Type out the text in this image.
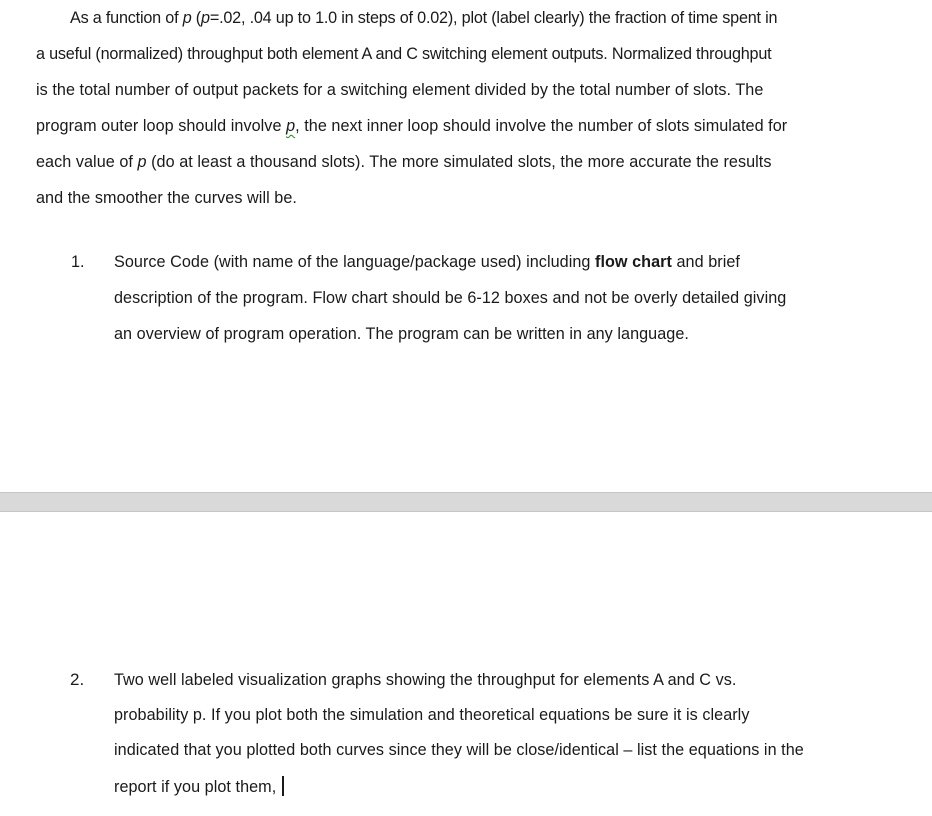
As a function of p (p=.02, .04 up to 1.0 in steps of 0.02), plot (label clearly) the fraction of time spent in
a useful (normalized) throughput both element A and C switching element outputs. Normalized throughput
is the total number of output packets for a switching element divided by the total number of slots. The
program outer loop should involve p, the next inner loop should involve the number of slots simulated for
each value of p (do at least a thousand slots). The more simulated slots, the more accurate the results
and the smoother the curves will be.
1. Source Code (with name of the language/package used) including flow chart and brief
description of the program. Flow chart should be 6-12 boxes and not be overly detailed giving
an overview of program operation. The program can be written in any language.
2. Two well labeled visualization graphs showing the throughput for elements A and C vs.
probability p. If you plot both the simulation and theoretical equations be sure it is clearly
indicated that you plotted both curves since they will be close/identical – list the equations in the
report if you plot them,
